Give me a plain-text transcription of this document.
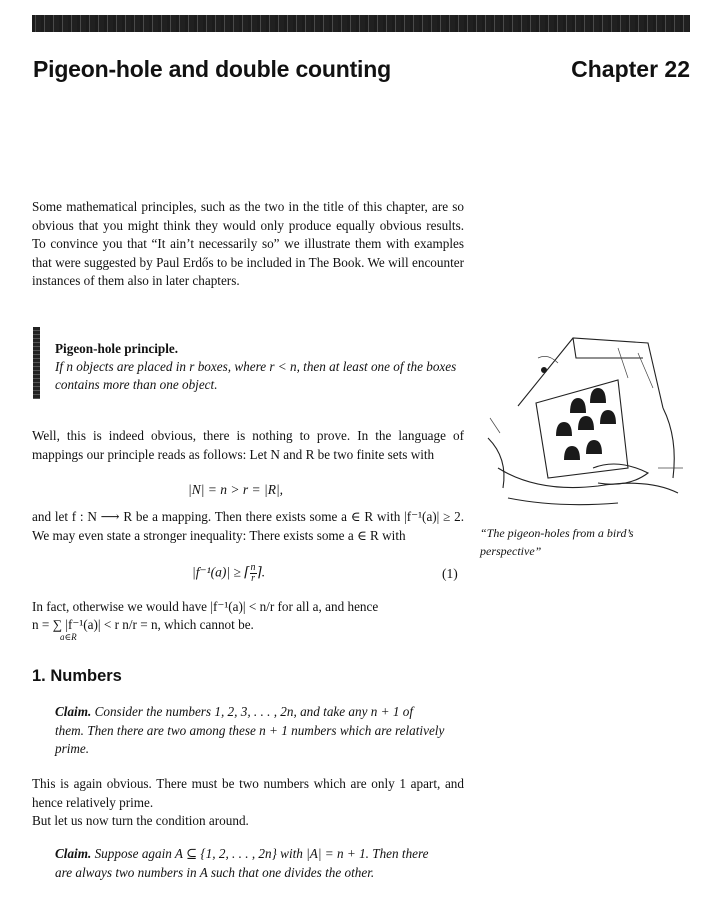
Pigeon-hole and double counting	Chapter 22

Some mathematical principles, such as the two in the title of this chapter, are so obvious that you might think they would only produce equally obvious results. To convince you that “It ain’t necessarily so” we illustrate them with examples that were suggested by Paul Erdős to be included in The Book. We will encounter instances of them also in later chapters.

Pigeon-hole principle.
If n objects are placed in r boxes, where r < n, then at least one of the boxes contains more than one object.

Well, this is indeed obvious, there is nothing to prove. In the language of mappings our principle reads as follows: Let N and R be two finite sets with

|N| = n > r = |R|,

and let f : N ⟶ R be a mapping. Then there exists some a ∈ R with |f⁻¹(a)| ≥ 2. We may even state a stronger inequality: There exists some a ∈ R with

|f⁻¹(a)| ≥ ⌈ $\frac{n}{r}$ ⌉.	(1)

In fact, otherwise we would have |f⁻¹(a)| < n/r for all a, and hence

n = ∑ |f⁻¹(a)| < r n/r = n, which cannot be.

a∈R
1. Numbers

Claim. Consider the numbers 1, 2, 3, . . . , 2n, and take any n + 1 of them. Then there are two among these n + 1 numbers which are relatively prime.

This is again obvious. There must be two numbers which are only 1 apart, and hence relatively prime.

But let us now turn the condition around.

Claim. Suppose again A ⊆ {1, 2, . . . , 2n} with |A| = n + 1. Then there are always two numbers in A such that one divides the other.

“The pigeon-holes from a bird’s perspective”
